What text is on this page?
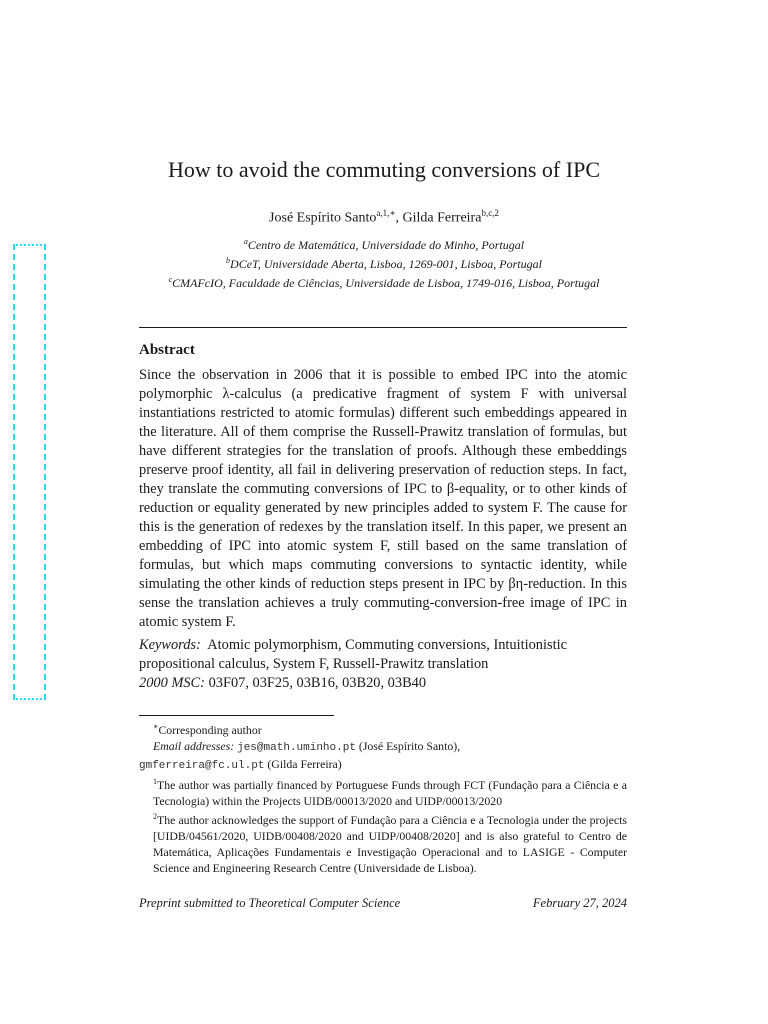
How to avoid the commuting conversions of IPC
José Espírito Santo$^{a,1,∗}$, Gilda Ferreira$^{b,c,2}$
$^a$Centro de Matemática, Universidade do Minho, Portugal
$^b$DCeT, Universidade Aberta, Lisboa, 1269-001, Lisboa, Portugal
$^c$CMAFcIO, Faculdade de Ciências, Universidade de Lisboa, 1749-016, Lisboa, Portugal
Abstract

Since the observation in 2006 that it is possible to embed IPC into the atomic polymorphic λ-calculus (a predicative fragment of system F with universal instantiations restricted to atomic formulas) different such embeddings appeared in the literature. All of them comprise the Russell-Prawitz translation of formulas, but have different strategies for the translation of proofs. Although these embeddings preserve proof identity, all fail in delivering preservation of reduction steps. In fact, they translate the commuting conversions of IPC to β-equality, or to other kinds of reduction or equality generated by new principles added to system F. The cause for this is the generation of redexes by the translation itself. In this paper, we present an embedding of IPC into atomic system F, still based on the same translation of formulas, but which maps commuting conversions to syntactic identity, while simulating the other kinds of reduction steps present in IPC by βη-reduction. In this sense the translation achieves a truly commuting-conversion-free image of IPC in atomic system F.

Keywords: Atomic polymorphism, Commuting conversions, Intuitionistic propositional calculus, System F, Russell-Prawitz translation
2000 MSC: 03F07, 03F25, 03B16, 03B20, 03B40
∗Corresponding author
Email addresses: jes@math.uminho.pt (José Espírito Santo),
gmferreira@fc.ul.pt (Gilda Ferreira)
$^1$The author was partially financed by Portuguese Funds through FCT (Fundação para a Ciência e a Tecnologia) within the Projects UIDB/00013/2020 and UIDP/00013/2020
$^2$The author acknowledges the support of Fundação para a Ciência e a Tecnologia under the projects [UIDB/04561/2020, UIDB/00408/2020 and UIDP/00408/2020] and is also grateful to Centro de Matemática, Aplicações Fundamentais e Investigação Operacional and to LASIGE - Computer Science and Engineering Research Centre (Universidade de Lisboa).
Preprint submitted to Theoretical Computer Science	February 27, 2024
